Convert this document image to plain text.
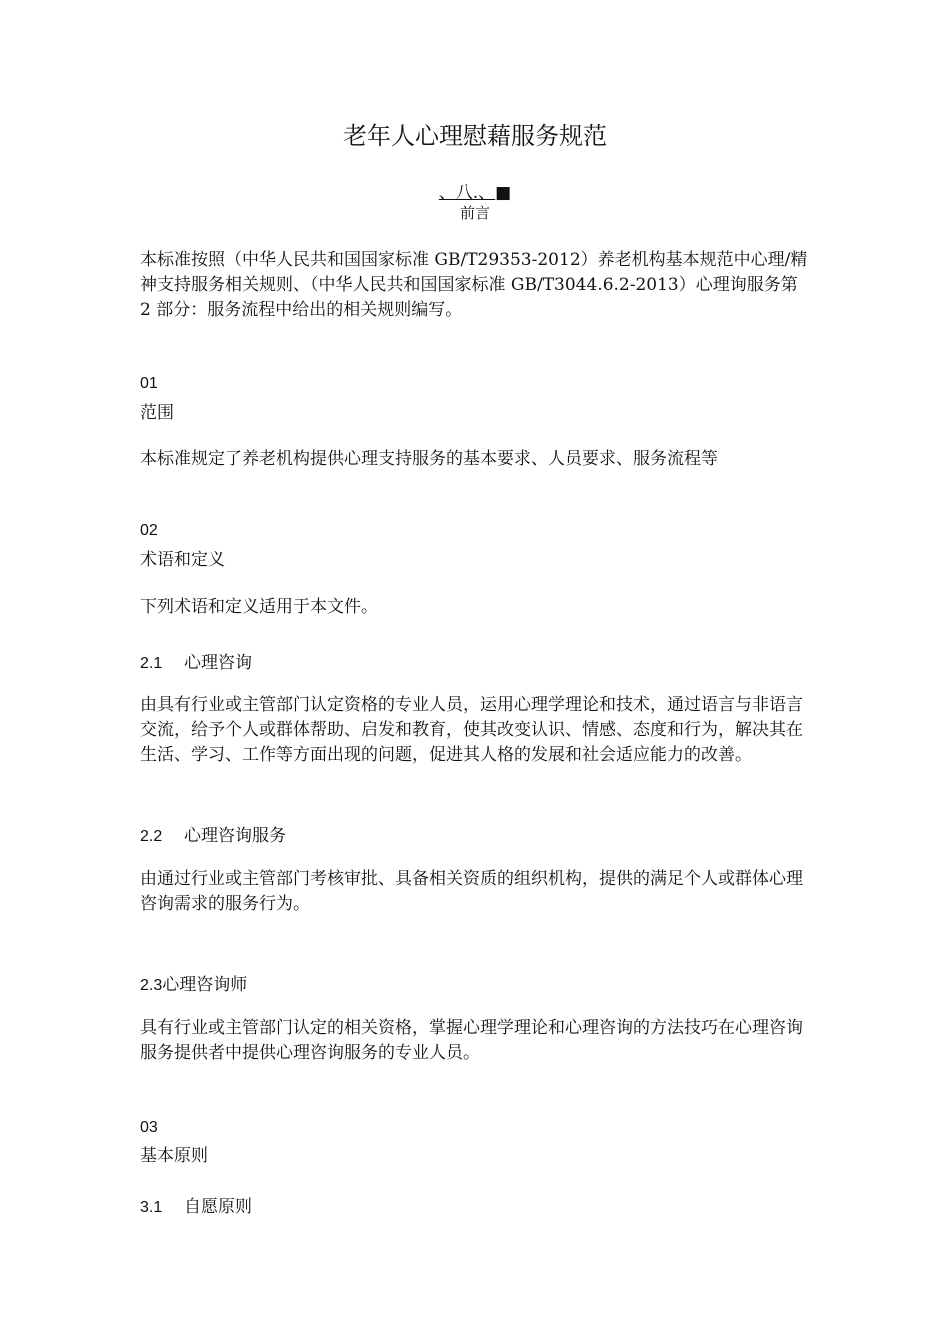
老年人心理慰藉服务规范
、八.、■
前言

本标准按照（中华人民共和国国家标准 GB/T29353-2012）养老机构基本规范中心理/精神支持服务相关规则、（中华人民共和国国家标准 GB/T3044.6.2-2013）心理询服务第 2 部分：服务流程中给出的相关规则编写。

01
范围

本标准规定了养老机构提供心理支持服务的基本要求、人员要求、服务流程等

02
术语和定义

下列术语和定义适用于本文件。

2.1 心理咨询

由具有行业或主管部门认定资格的专业人员，运用心理学理论和技术，通过语言与非语言交流，给予个人或群体帮助、启发和教育，使其改变认识、情感、态度和行为，解决其在生活、学习、工作等方面出现的问题，促进其人格的发展和社会适应能力的改善。

2.2 心理咨询服务

由通过行业或主管部门考核审批、具备相关资质的组织机构，提供的满足个人或群体心理咨询需求的服务行为。

2.3心理咨询师

具有行业或主管部门认定的相关资格，掌握心理学理论和心理咨询的方法技巧在心理咨询服务提供者中提供心理咨询服务的专业人员。

03
基本原则
3.1 自愿原则
